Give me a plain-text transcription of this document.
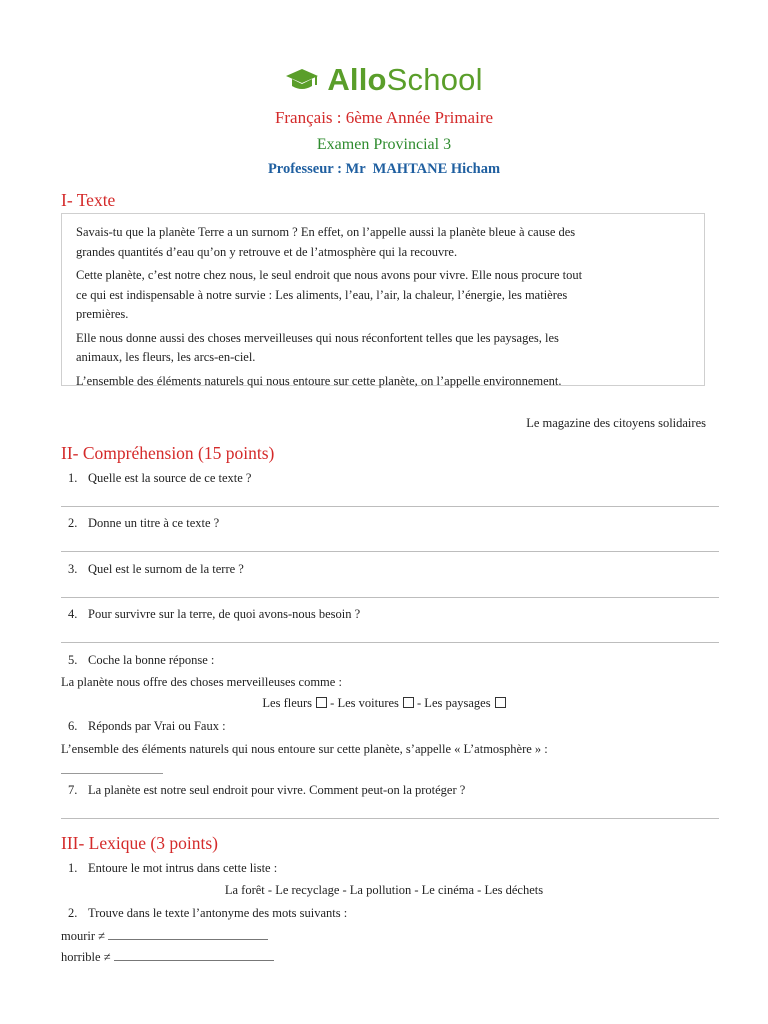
AlloSchool
Français : 6ème Année Primaire
Examen Provincial 3
Professeur : Mr  MAHTANE Hicham
I- Texte

Savais-tu que la planète Terre a un surnom ? En effet, on l’appelle aussi la planète bleue à cause des
grandes quantités d’eau qu’on y retrouve et de l’atmosphère qui la recouvre.

Cette planète, c’est notre chez nous, le seul endroit que nous avons pour vivre. Elle nous procure tout
ce qui est indispensable à notre survie : Les aliments, l’eau, l’air, la chaleur, l’énergie, les matières
premières.

Elle nous donne aussi des choses merveilleuses qui nous réconfortent telles que les paysages, les
animaux, les fleurs, les arcs-en-ciel.

L’ensemble des éléments naturels qui nous entoure sur cette planète, on l’appelle environnement.

Le magazine des citoyens solidaires
II- Compréhension (15 points)
1. Quelle est la source de ce texte ?
2. Donne un titre à ce texte ?
3. Quel est le surnom de la terre ?
4. Pour survivre sur la terre, de quoi avons-nous besoin ?
5. Coche la bonne réponse :
La planète nous offre des choses merveilleuses comme :
Les fleurs - Les voitures - Les paysages
6. Réponds par Vrai ou Faux :
L’ensemble des éléments naturels qui nous entoure sur cette planète, s’appelle « L’atmosphère » :
7. La planète est notre seul endroit pour vivre. Comment peut-on la protéger ?
III- Lexique (3 points)
1. Entoure le mot intrus dans cette liste :
La forêt - Le recyclage - La pollution - Le cinéma - Les déchets
2. Trouve dans le texte l’antonyme des mots suivants :
mourir ≠
horrible ≠
